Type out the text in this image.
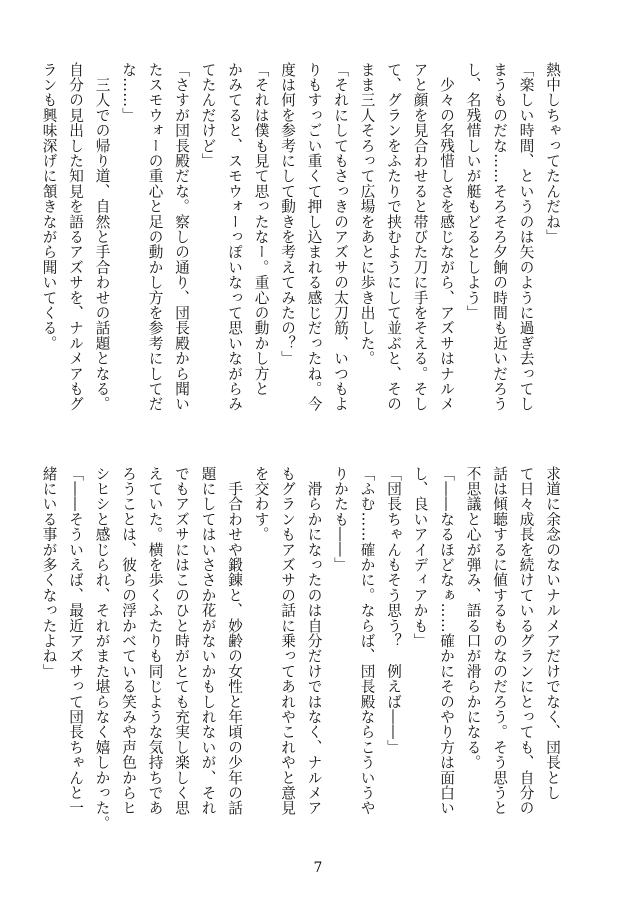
熱中しちゃってたんだね」
「楽しい時間、というのは矢のように過ぎ去ってし
まうものだな……そろそろ夕餉の時間も近いだろう
し、名残惜しいが艇もどるとしよう」
　少々の名残惜しさを感じながら、アズサはナルメ
アと顔を見合わせると帯びた刀に手をそえる。そし
て、グランをふたりで挟むようにして並ぶと、その
まま三人そろって広場をあとに歩き出した。
「それにしてもさっきのアズサの太刀筋、いつもよ
りもすっごい重くて押し込まれる感じだったね。今
度は何を参考にして動きを考えてみたの？」
「それは僕も見て思ったなー。重心の動かし方と
かみてると、スモウォーっぽいなって思いながらみ
てたんだけど」
「さすが団長殿だな。察しの通り、団長殿から聞い
たスモウォーの重心と足の動かし方を参考にしてだ
な……」
　三人での帰り道、自然と手合わせの話題となる。
自分の見出した知見を語るアズサを、ナルメアもグ
ランも興味深げに頷きながら聞いてくる。
求道に余念のないナルメアだけでなく、団長とし
て日々成長を続けているグランにとっても、自分の
話は傾聴するに値するものなのだろう。そう思うと
不思議と心が弾み、語る口が滑らかになる。
「――なるほどなぁ……確かにそのやり方は面白い
し、良いアイディアかも」
「団長ちゃんもそう思う？　例えば――」
「ふむ……確かに。ならば、団長殿ならこういうや
りかたも――」
　滑らかになったのは自分だけではなく、ナルメア
もグランもアズサの話に乗ってあれやこれやと意見
を交わす。
　手合わせや鍛錬と、妙齢の女性と年頃の少年の話
題にしてはいささか花がないかもしれないが、それ
でもアズサにはこのひと時がとても充実し楽しく思
えていた。横を歩くふたりも同じような気持ちであ
ろうことは、彼らの浮かべている笑みや声色からヒ
シヒシと感じられ、それがまた堪らなく嬉しかった。
「――そういえば、最近アズサって団長ちゃんと一
緒にいる事が多くなったよね」
7
